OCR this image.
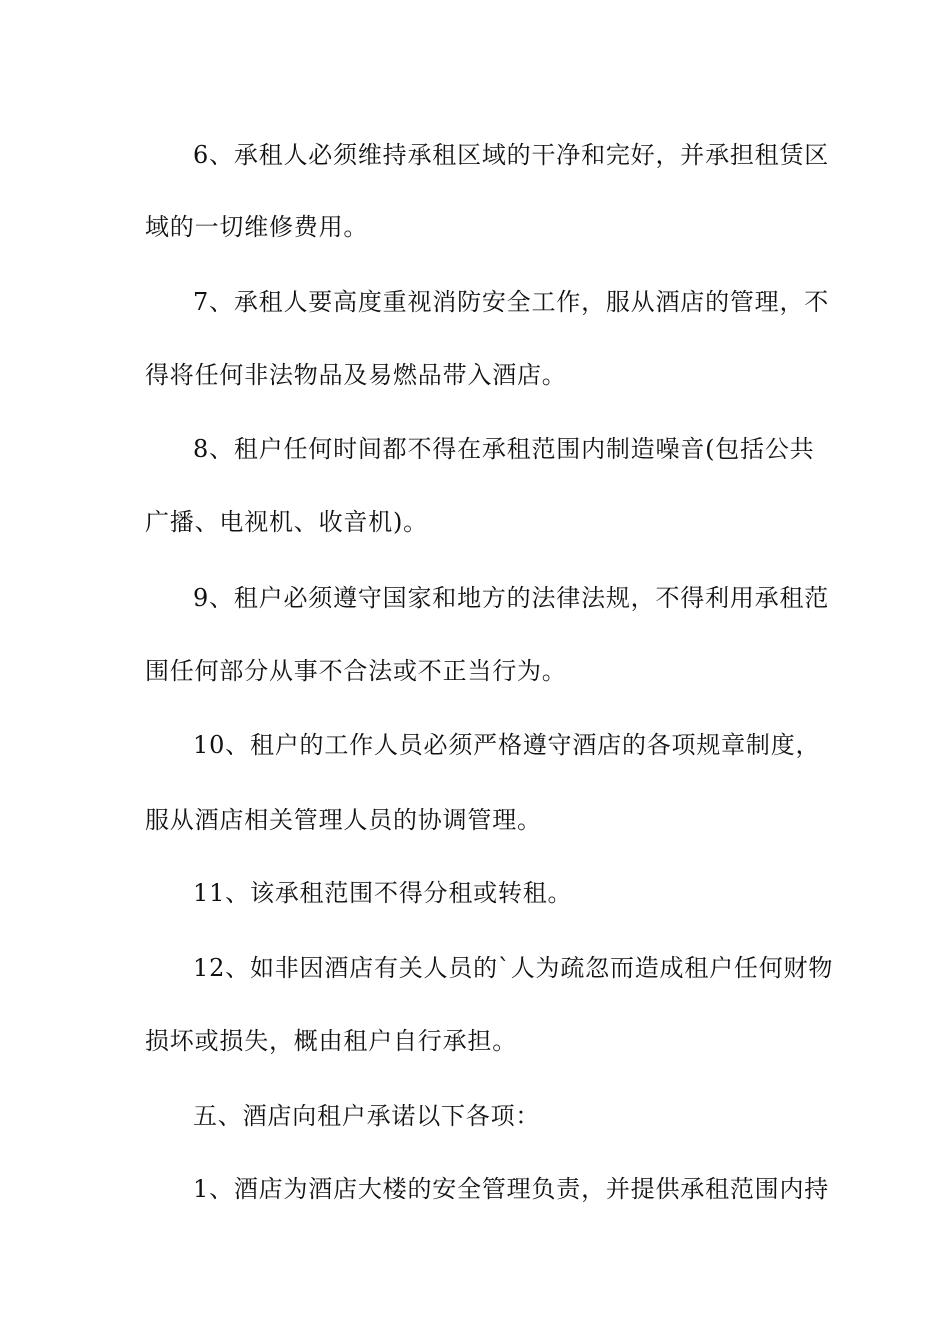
6、承租人必须维持承租区域的干净和完好，并承担租赁区

域的一切维修费用。

7、承租人要高度重视消防安全工作，服从酒店的管理，不

得将任何非法物品及易燃品带入酒店。

8、租户任何时间都不得在承租范围内制造噪音(包括公共

广播、电视机、收音机)。

9、租户必须遵守国家和地方的法律法规，不得利用承租范

围任何部分从事不合法或不正当行为。

10、租户的工作人员必须严格遵守酒店的各项规章制度，

服从酒店相关管理人员的协调管理。

11、该承租范围不得分租或转租。

12、如非因酒店有关人员的`人为疏忽而造成租户任何财物

损坏或损失，概由租户自行承担。

五、酒店向租户承诺以下各项：

1、酒店为酒店大楼的安全管理负责，并提供承租范围内持
